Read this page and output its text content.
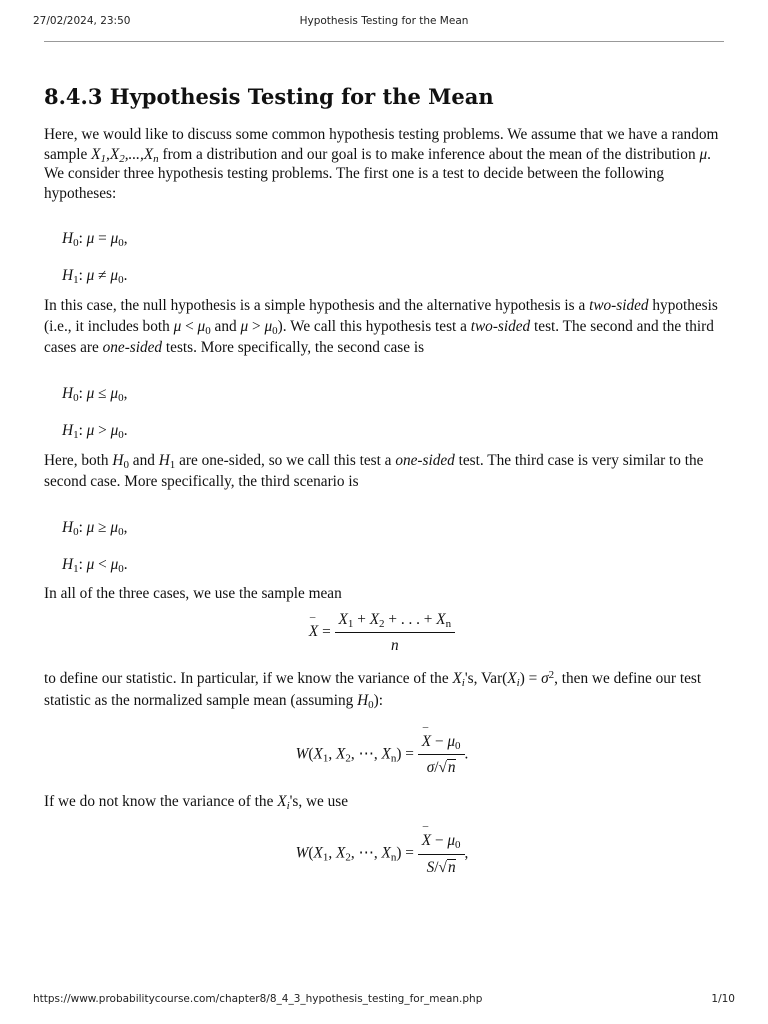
27/02/2024, 23:50	Hypothesis Testing for the Mean
8.4.3 Hypothesis Testing for the Mean

Here, we would like to discuss some common hypothesis testing problems. We assume that we have a random sample $X_1,X_2,...,X_n$ from a distribution and our goal is to make inference about the mean of the distribution μ. We consider three hypothesis testing problems. The first one is a test to decide between the following hypotheses:

$H_0$: $\mu = \mu_0$,

$H_1$: $\mu \ne \mu_0$.

In this case, the null hypothesis is a simple hypothesis and the alternative hypothesis is a two-sided hypothesis (i.e., it includes both $\mu < \mu_0$ and $\mu > \mu_0$). We call this hypothesis test a two-sided test. The second and the third cases are one-sided tests. More specifically, the second case is

$H_0$: $\mu \le \mu_0$,

$H_1$: $\mu > \mu_0$.

Here, both $H_0$ and $H_1$ are one-sided, so we call this test a one-sided test. The third case is very similar to the second case. More specifically, the third scenario is

$H_0$: $\mu \ge \mu_0$,

$H_1$: $\mu < \mu_0$.

In all of the three cases, we use the sample mean

– $X = \frac{X_1 + X_2 + . . . + X_n}{n}$

to define our statistic. In particular, if we know the variance of the $X_i's$, $Var(X_i) = \sigma^2$, then we define our test statistic as the normalized sample mean (assuming $H_0$):

$W(X_1$, $X_2$, ⋯, $X_n$) = – $\frac{X - \mu_0}{\sigma/√n}$ .

If we do not know the variance of the $X_i's$, we use

$W(X_1$, $X_2$, ⋯, $X_n$) = – $\frac{X - \mu_0}{S/√n}$ ,
https://www.probabilitycourse.com/chapter8/8_4_3_hypothesis_testing_for_mean.php	1/10
